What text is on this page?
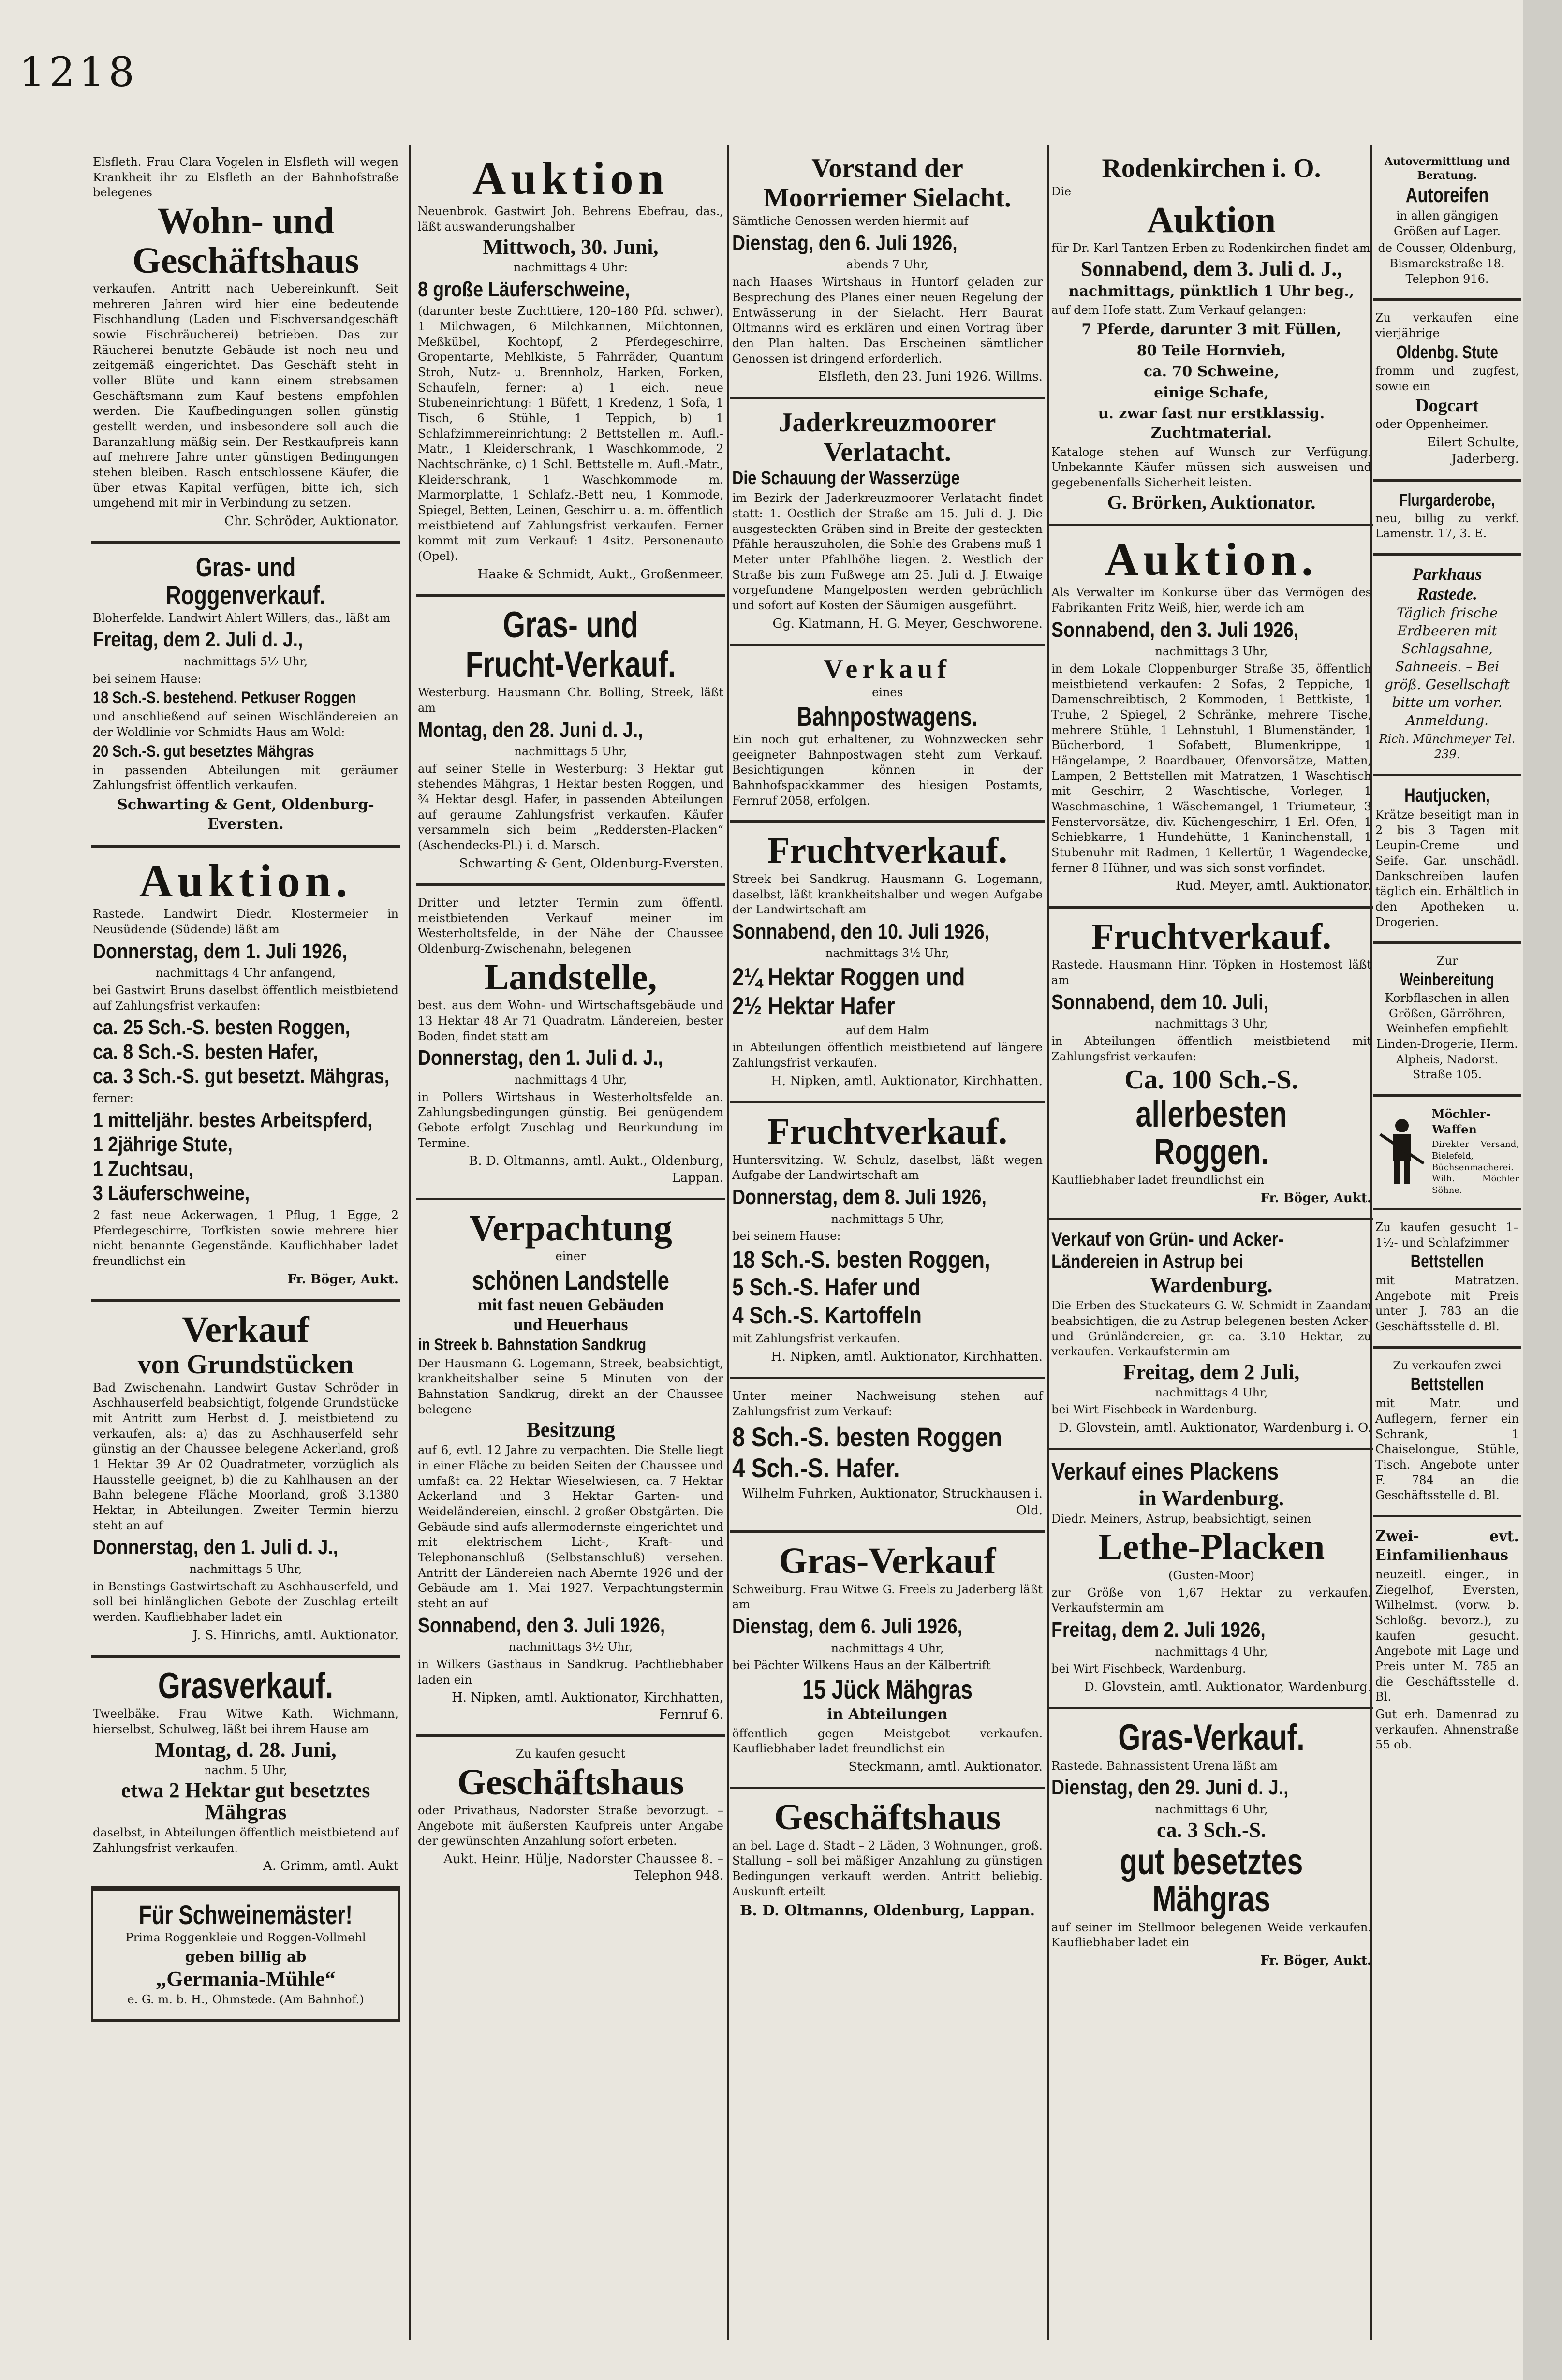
1218
Elsfleth. Frau Clara Vogelen in Elsfleth will wegen Krankheit ihr zu Elsfleth an der Bahnhofstraße belegenes
Wohn- und
Geschäftshaus
verkaufen. Antritt nach Uebereinkunft. Seit mehreren Jahren wird hier eine bedeutende Fischhandlung (Laden und Fischversandgeschäft sowie Fischräucherei) betrieben. Das zur Räucherei benutzte Gebäude ist noch neu und zeitgemäß eingerichtet. Das Geschäft steht in voller Blüte und kann einem strebsamen Geschäftsmann zum Kauf bestens empfohlen werden. Die Kaufbedingungen sollen günstig gestellt werden, und insbesondere soll auch die Baranzahlung mäßig sein. Der Restkaufpreis kann auf mehrere Jahre unter günstigen Bedingungen stehen bleiben. Rasch entschlossene Käufer, die über etwas Kapital verfügen, bitte ich, sich umgehend mit mir in Verbindung zu setzen.
Chr. Schröder, Auktionator.
Gras- und Roggenverkauf.
Bloherfelde. Landwirt Ahlert Willers, das., läßt am
Freitag, dem 2. Juli d. J.,
nachmittags 5½ Uhr,
bei seinem Hause:
18 Sch.-S. bestehend. Petkuser Roggen
und anschließend auf seinen Wischländereien an der Woldlinie vor Schmidts Haus am Wold:
20 Sch.-S. gut besetztes Mähgras
in passenden Abteilungen mit geräumer Zahlungsfrist öffentlich verkaufen.
Schwarting & Gent, Oldenburg-Eversten.
Auktion.
Rastede. Landwirt Diedr. Klostermeier in Neusüdende (Südende) läßt am
Donnerstag, dem 1. Juli 1926,
nachmittags 4 Uhr anfangend,
bei Gastwirt Bruns daselbst öffentlich meistbietend auf Zahlungsfrist verkaufen:
ca. 25 Sch.-S. besten Roggen,
ca. 8 Sch.-S. besten Hafer,
ca. 3 Sch.-S. gut besetzt. Mähgras,
ferner:
1 mitteljähr. bestes Arbeitspferd,
1 2jährige Stute,
1 Zuchtsau,
3 Läuferschweine,
2 fast neue Ackerwagen, 1 Pflug, 1 Egge, 2 Pferdegeschirre, Torfkisten sowie mehrere hier nicht benannte Gegenstände. Kauflichhaber ladet freundlichst ein
Fr. Böger, Aukt.
Verkauf
von Grundstücken
Bad Zwischenahn. Landwirt Gustav Schröder in Aschhauserfeld beabsichtigt, folgende Grundstücke mit Antritt zum Herbst d. J. meistbietend zu verkaufen, als: a) das zu Aschhauserfeld sehr günstig an der Chaussee belegene Ackerland, groß 1 Hektar 39 Ar 02 Quadratmeter, vorzüglich als Hausstelle geeignet, b) die zu Kahlhausen an der Bahn belegene Fläche Moorland, groß 3.1380 Hektar, in Abteilungen. Zweiter Termin hierzu steht an auf
Donnerstag, den 1. Juli d. J.,
nachmittags 5 Uhr,
in Benstings Gastwirtschaft zu Aschhauserfeld, und soll bei hinlänglichen Gebote der Zuschlag erteilt werden. Kaufliebhaber ladet ein
J. S. Hinrichs, amtl. Auktionator.
Grasverkauf.
Tweelbäke. Frau Witwe Kath. Wichmann, hierselbst, Schulweg, läßt bei ihrem Hause am
Montag, d. 28. Juni,
nachm. 5 Uhr,
etwa 2 Hektar gut besetztes Mähgras
daselbst, in Abteilungen öffentlich meistbietend auf Zahlungsfrist verkaufen.
A. Grimm, amtl. Aukt
Für Schweinemäster!
Prima Roggenkleie und Roggen-Vollmehl
geben billig ab
„Germania-Mühle“
e. G. m. b. H., Ohmstede. (Am Bahnhof.)
Auktion
Neuenbrok. Gastwirt Joh. Behrens Ebefrau, das., läßt auswanderungshalber
Mittwoch, 30. Juni,
nachmittags 4 Uhr:
8 große Läuferschweine,
(darunter beste Zuchttiere, 120–180 Pfd. schwer), 1 Milchwagen, 6 Milchkannen, Milchtonnen, Meßkübel, Kochtopf, 2 Pferdegeschirre, Gropentarte, Mehlkiste, 5 Fahrräder, Quantum Stroh, Nutz- u. Brennholz, Harken, Forken, Schaufeln, ferner: a) 1 eich. neue Stubeneinrichtung: 1 Büfett, 1 Kredenz, 1 Sofa, 1 Tisch, 6 Stühle, 1 Teppich, b) 1 Schlafzimmereinrichtung: 2 Bettstellen m. Aufl.-Matr., 1 Kleiderschrank, 1 Waschkommode, 2 Nachtschränke, c) 1 Schl. Bettstelle m. Aufl.-Matr., Kleiderschrank, 1 Waschkommode m. Marmorplatte, 1 Schlafz.-Bett neu, 1 Kommode, Spiegel, Betten, Leinen, Geschirr u. a. m. öffentlich meistbietend auf Zahlungsfrist verkaufen. Ferner kommt mit zum Verkauf: 1 4sitz. Personenauto (Opel).
Haake & Schmidt, Aukt., Großenmeer.
Gras- und
Frucht-Verkauf.
Westerburg. Hausmann Chr. Bolling, Streek, läßt am
Montag, den 28. Juni d. J.,
nachmittags 5 Uhr,
auf seiner Stelle in Westerburg: 3 Hektar gut stehendes Mähgras, 1 Hektar besten Roggen, und ¾ Hektar desgl. Hafer, in passenden Abteilungen auf geraume Zahlungsfrist verkaufen. Käufer versammeln sich beim „Reddersten-Placken“ (Aschendecks-Pl.) i. d. Marsch.
Schwarting & Gent, Oldenburg-Eversten.
Dritter und letzter Termin zum öffentl. meistbietenden Verkauf meiner im Westerholtsfelde, in der Nähe der Chaussee Oldenburg-Zwischenahn, belegenen
Landstelle,
best. aus dem Wohn- und Wirtschaftsgebäude und 13 Hektar 48 Ar 71 Quadratm. Ländereien, bester Boden, findet statt am
Donnerstag, den 1. Juli d. J.,
nachmittags 4 Uhr,
in Pollers Wirtshaus in Westerholtsfelde an. Zahlungsbedingungen günstig. Bei genügendem Gebote erfolgt Zuschlag und Beurkundung im Termine.
B. D. Oltmanns, amtl. Aukt., Oldenburg, Lappan.
Verpachtung
einer
schönen Landstelle
mit fast neuen Gebäuden
und Heuerhaus
in Streek b. Bahnstation Sandkrug
Der Hausmann G. Logemann, Streek, beabsichtigt, krankheitshalber seine 5 Minuten von der Bahnstation Sandkrug, direkt an der Chaussee belegene
Besitzung
auf 6, evtl. 12 Jahre zu verpachten. Die Stelle liegt in einer Fläche zu beiden Seiten der Chaussee und umfaßt ca. 22 Hektar Wieselwiesen, ca. 7 Hektar Ackerland und 3 Hektar Garten- und Weideländereien, einschl. 2 großer Obstgärten. Die Gebäude sind aufs allermodernste eingerichtet und mit elektrischem Licht-, Kraft- und Telephonanschluß (Selbstanschluß) versehen. Antritt der Ländereien nach Aberntе 1926 und der Gebäude am 1. Mai 1927. Verpachtungstermin steht an auf
Sonnabend, den 3. Juli 1926,
nachmittags 3½ Uhr,
in Wilkers Gasthaus in Sandkrug. Pachtliebhaber laden ein
H. Nipken, amtl. Auktionator, Kirchhatten, Fernruf 6.
Zu kaufen gesucht
Geschäftshaus
oder Privathaus, Nadorster Straße bevorzugt. – Angebote mit äußersten Kaufpreis unter Angabe der gewünschten Anzahlung sofort erbeten.
Aukt. Heinr. Hülje, Nadorster Chaussee 8. – Telephon 948.
Vorstand der
Moorriemer Sielacht.
Sämtliche Genossen werden hiermit auf
Dienstag, den 6. Juli 1926,
abends 7 Uhr,
nach Haases Wirtshaus in Huntorf geladen zur Besprechung des Planes einer neuen Regelung der Entwässerung in der Sielacht. Herr Baurat Oltmanns wird es erklären und einen Vortrag über den Plan halten. Das Erscheinen sämtlicher Genossen ist dringend erforderlich.
Elsfleth, den 23. Juni 1926. Willms.
Jaderkreuzmoorer
Verlatacht.
Die Schauung der Wasserzüge
im Bezirk der Jaderkreuzmoorer Verlatacht findet statt: 1. Oestlich der Straße am 15. Juli d. J. Die ausgesteckten Gräben sind in Breite der gesteckten Pfähle herauszuholen, die Sohle des Grabens muß 1 Meter unter Pfahlhöhe liegen. 2. Westlich der Straße bis zum Fußwege am 25. Juli d. J. Etwaige vorgefundene Mangelposten werden gebrüchlich und sofort auf Kosten der Säumigen ausgeführt.
Gg. Klatmann, H. G. Meyer, Geschworene.
Verkauf
eines
Bahnpostwagens.
Ein noch gut erhaltener, zu Wohnzwecken sehr geeigneter Bahnpostwagen steht zum Verkauf. Besichtigungen können in der Bahnhofspackkammer des hiesigen Postamts, Fernruf 2058, erfolgen.
Fruchtverkauf.
Streek bei Sandkrug. Hausmann G. Logemann, daselbst, läßt krankheitshalber und wegen Aufgabe der Landwirtschaft am
Sonnabend, den 10. Juli 1926,
nachmittags 3½ Uhr,
2¼ Hektar Roggen und
2½ Hektar Hafer
auf dem Halm
in Abteilungen öffentlich meistbietend auf längere Zahlungsfrist verkaufen.
H. Nipken, amtl. Auktionator, Kirchhatten.
Fruchtverkauf.
Huntersvitzing. W. Schulz, daselbst, läßt wegen Aufgabe der Landwirtschaft am
Donnerstag, dem 8. Juli 1926,
nachmittags 5 Uhr,
bei seinem Hause:
18 Sch.-S. besten Roggen,
5 Sch.-S. Hafer und
4 Sch.-S. Kartoffeln
mit Zahlungsfrist verkaufen.
H. Nipken, amtl. Auktionator, Kirchhatten.
Unter meiner Nachweisung stehen auf Zahlungsfrist zum Verkauf:
8 Sch.-S. besten Roggen
4 Sch.-S. Hafer.
Wilhelm Fuhrken, Auktionator, Struckhausen i. Old.
Gras-Verkauf
Schweiburg. Frau Witwe G. Freels zu Jaderberg läßt am
Dienstag, dem 6. Juli 1926,
nachmittags 4 Uhr,
bei Pächter Wilkens Haus an der Kälbertrift
15 Jück Mähgras
in Abteilungen
öffentlich gegen Meistgebot verkaufen. Kaufliebhaber ladet freundlichst ein
Steckmann, amtl. Auktionator.
Geschäftshaus
an bel. Lage d. Stadt – 2 Läden, 3 Wohnungen, groß. Stallung – soll bei mäßiger Anzahlung zu günstigen Bedingungen verkauft werden. Antritt beliebig. Auskunft erteilt
B. D. Oltmanns, Oldenburg, Lappan.
Rodenkirchen i. O.
Die
Auktion
für Dr. Karl Tantzen Erben zu Rodenkirchen findet am
Sonnabend, dem 3. Juli d. J.,
nachmittags, pünktlich 1 Uhr beg.,
auf dem Hofe statt. Zum Verkauf gelangen:
7 Pferde, darunter 3 mit Füllen,
80 Teile Hornvieh,
ca. 70 Schweine,
einige Schafe,
u. zwar fast nur erstklassig. Zuchtmaterial.
Kataloge stehen auf Wunsch zur Verfügung. Unbekannte Käufer müssen sich ausweisen und gegebenenfalls Sicherheit leisten.
G. Brörken, Auktionator.
Auktion.
Als Verwalter im Konkurse über das Vermögen des Fabrikanten Fritz Weiß, hier, werde ich am
Sonnabend, den 3. Juli 1926,
nachmittags 3 Uhr,
in dem Lokale Cloppenburger Straße 35, öffentlich meistbietend verkaufen: 2 Sofas, 2 Teppiche, 1 Damenschreibtisch, 2 Kommoden, 1 Bettkiste, 1 Truhe, 2 Spiegel, 2 Schränke, mehrere Tische, mehrere Stühle, 1 Lehnstuhl, 1 Blumenständer, 1 Bücherbord, 1 Sofabett, Blumenkrippe, 1 Hängelampe, 2 Boardbauer, Ofenvorsätze, Matten, Lampen, 2 Bettstellen mit Matratzen, 1 Waschtisch mit Geschirr, 2 Waschtische, Vorleger, 1 Waschmaschine, 1 Wäschemangel, 1 Triumeteur, 3 Fenstervorsätze, div. Küchengeschirr, 1 Erl. Ofen, 1 Schiebkarre, 1 Hundehütte, 1 Kaninchenstall, 1 Stubenuhr mit Radmen, 1 Kellertür, 1 Wagendecke, ferner 8 Hühner, und was sich sonst vorfindet.
Rud. Meyer, amtl. Auktionator.
Fruchtverkauf.
Rastede. Hausmann Hinr. Töpken in Hostemost läßt am
Sonnabend, dem 10. Juli,
nachmittags 3 Uhr,
in Abteilungen öffentlich meistbietend mit Zahlungsfrist verkaufen:
Ca. 100 Sch.-S.
allerbesten Roggen.
Kaufliebhaber ladet freundlichst ein
Fr. Böger, Aukt.
Verkauf von Grün- und Acker-
Ländereien in Astrup bei
Wardenburg.
Die Erben des Stuckateurs G. W. Schmidt in Zaandam beabsichtigen, die zu Astrup belegenen besten Acker- und Grünländereien, gr. ca. 3.10 Hektar, zu verkaufen. Verkaufstermin am
Freitag, dem 2 Juli,
nachmittags 4 Uhr,
bei Wirt Fischbeck in Wardenburg.
D. Glovstein, amtl. Auktionator, Wardenburg i. O.
Verkauf eines Plackens
in Wardenburg.
Diedr. Meiners, Astrup, beabsichtigt, seinen
Lethe-Placken
(Gusten-Moor)
zur Größe von 1,67 Hektar zu verkaufen. Verkaufstermin am
Freitag, dem 2. Juli 1926,
nachmittags 4 Uhr,
bei Wirt Fischbeck, Wardenburg.
D. Glovstein, amtl. Auktionator, Wardenburg.
Gras-Verkauf.
Rastede. Bahnassistent Urena läßt am
Dienstag, den 29. Juni d. J.,
nachmittags 6 Uhr,
ca. 3 Sch.-S.
gut besetztes Mähgras
auf seiner im Stellmoor belegenen Weide verkaufen. Kaufliebhaber ladet ein
Fr. Böger, Aukt.
Autovermittlung und Beratung.
Autoreifen
in allen gängigen Größen auf Lager.
de Cousser, Oldenburg, Bismarckstraße 18. Telephon 916.
Zu verkaufen eine vierjährige
Oldenbg. Stute
fromm und zugfest, sowie ein
Dogcart
oder Oppenheimer.
Eilert Schulte, Jaderberg.
Flurgarderobe,
neu, billig zu verkf. Lamenstr. 17, 3. E.
Parkhaus
Rastede.
Täglich frische Erdbeeren mit Schlagsahne, Sahneeis. – Bei größ. Gesellschaft bitte um vorher. Anmeldung.
Rich. Münchmeyer Tel. 239.
Hautjucken,
Krätze beseitigt man in 2 bis 3 Tagen mit Leupin-Creme und Seife. Gar. unschädl. Dankschreiben laufen täglich ein. Erhältlich in den Apotheken u. Drogerien.
Zur
Weinbereitung
Korbflaschen in allen Größen, Gärröhren, Weinhefen empfiehlt Linden-Drogerie, Herm. Alpheis, Nadorst. Straße 105.
Möchler-Waffen
Direkter Versand, Bielefeld, Büchsenmacherei. Wilh. Möchler Söhne.
Zu kaufen gesucht 1–1½- und Schlafzimmer
Bettstellen
mit Matratzen. Angebote mit Preis unter J. 783 an die Geschäftsstelle d. Bl.
Zu verkaufen zwei
Bettstellen
mit Matr. und Auflegern, ferner ein Schrank, 1 Chaiselongue, Stühle, Tisch. Angebote unter F. 784 an die Geschäftsstelle d. Bl.
Zwei- evt. Einfamilienhaus
neuzeitl. einger., in Ziegelhof, Eversten, Wilhelmst. (vorw. b. Schloßg. bevorz.), zu kaufen gesucht. Angebote mit Lage und Preis unter M. 785 an die Geschäftsstelle d. Bl.
Gut erh. Damenrad zu verkaufen. Ahnenstraße 55 ob.
